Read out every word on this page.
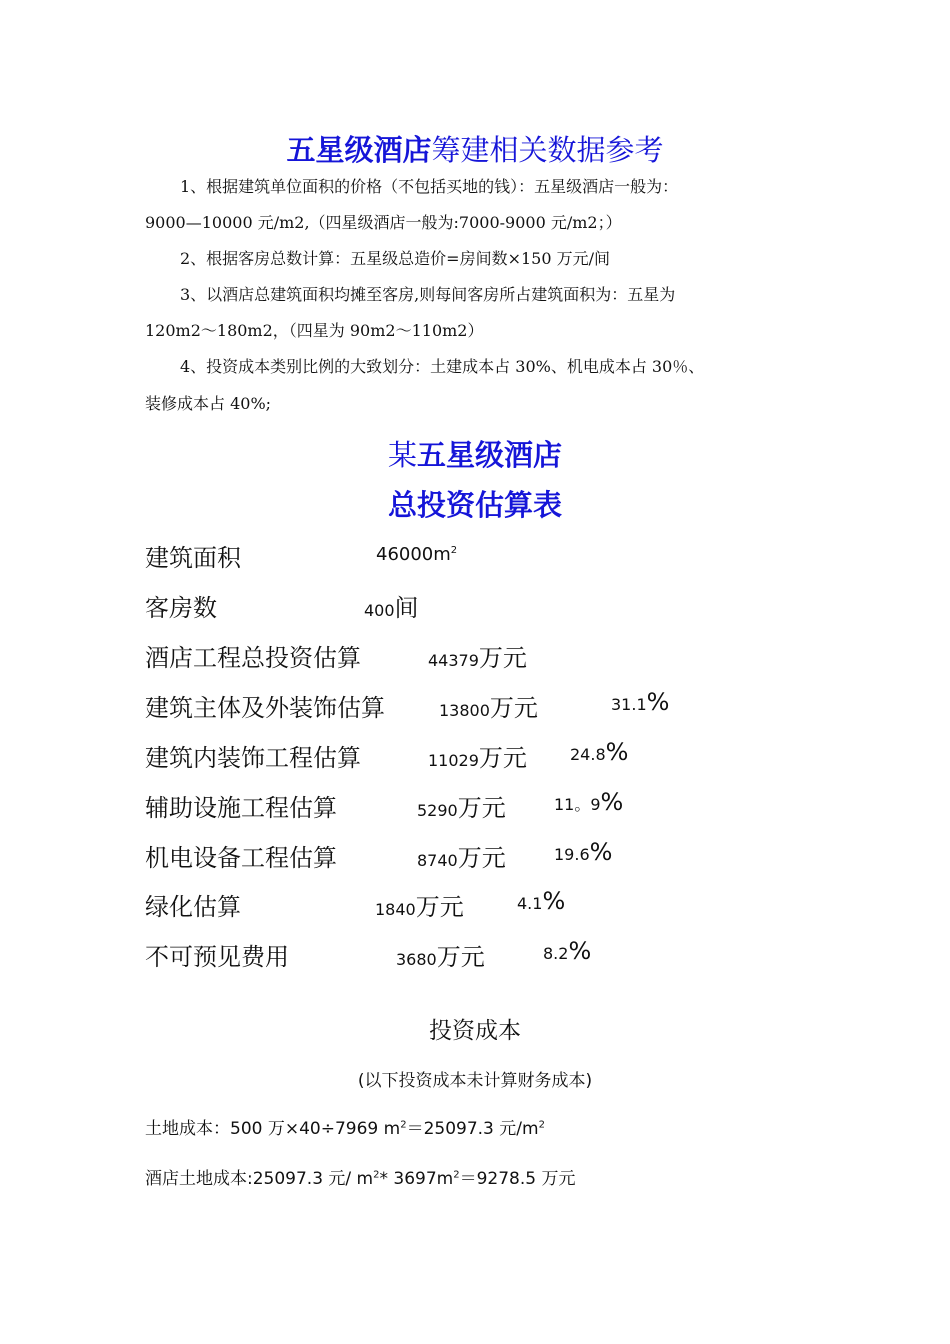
五星级酒店筹建相关数据参考
1、根据建筑单位面积的价格（不包括买地的钱）：五星级酒店一般为：
9000—10000 元/m2,（四星级酒店一般为:7000-9000 元/m2；）
2、根据客房总数计算：五星级总造价=房间数×150 万元/间
3、以酒店总建筑面积均摊至客房,则每间客房所占建筑面积为：五星为
120m2～180m2，（四星为 90m2～110m2）
4、投资成本类别比例的大致划分：土建成本占 30%、机电成本占 30％、
装修成本占 40%;
某五星级酒店
总投资估算表
建筑面积	$46000m^2$
客房数	400间
酒店工程总投资估算	44379万元
建筑主体及外装饰估算	13800万元	31.1%
建筑内装饰工程估算	11029万元	24.8%
辅助设施工程估算	5290万元	11。9%
机电设备工程估算	8740万元	19.6%
绿化估算	1840万元	4.1%
不可预见费用	3680万元	8.2%
投资成本
(以下投资成本未计算财务成本)
土地成本：500 万×40÷7969 $m^2=25097.3$ 元$/m^2$
酒店土地成本:25097.3 元/ $m^2*$ $3697m^2=9278.5$ 万元
